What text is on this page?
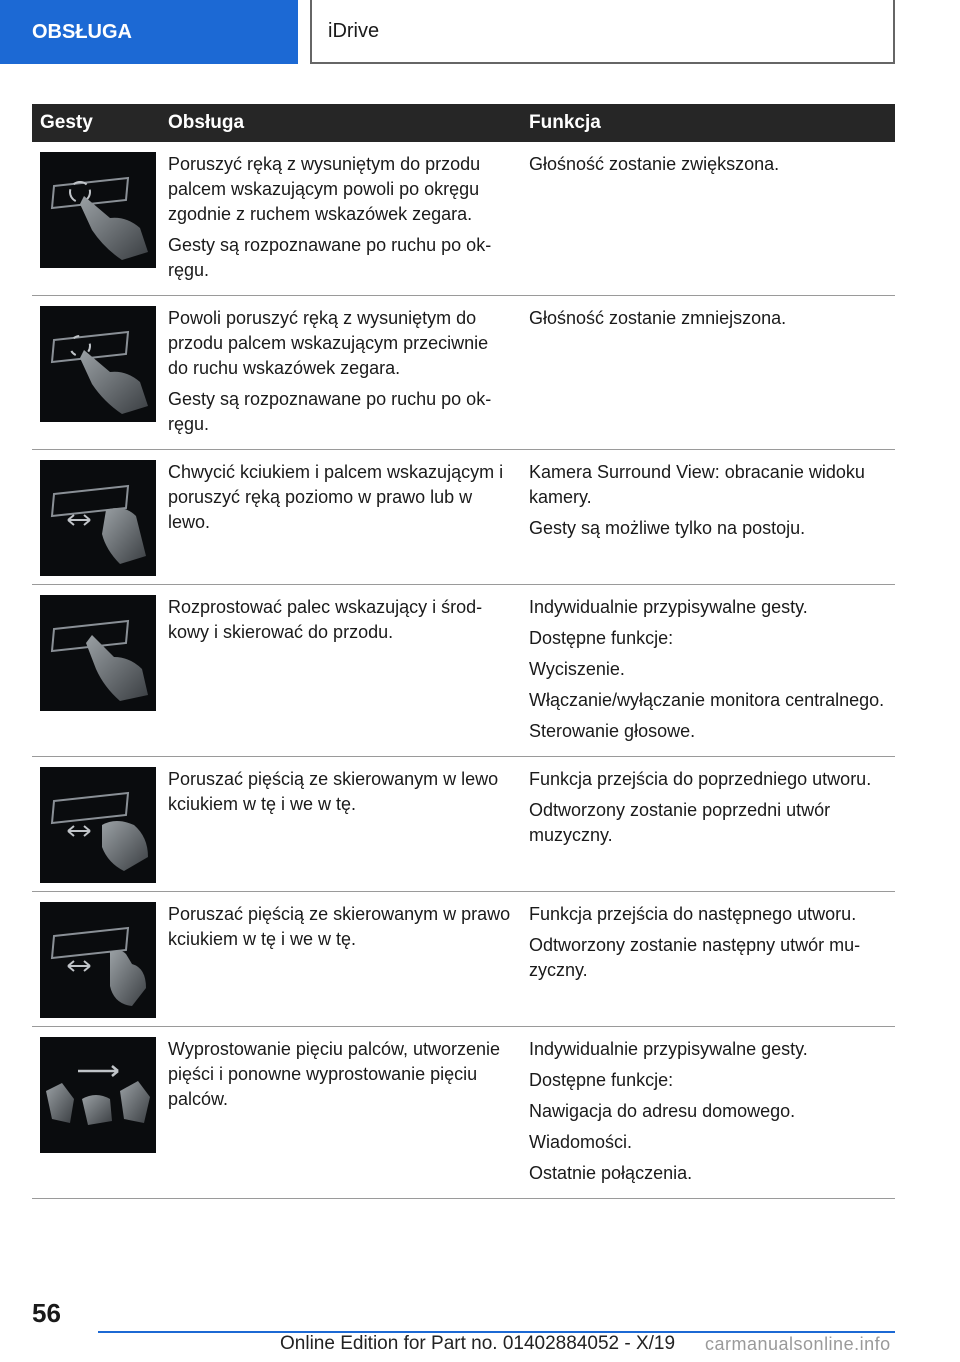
OBSŁUGA	iDrive
Gesty	Obsługa	Funkcja

Poruszyć ręką z wysuniętym do przodu palcem wskazującym powoli po okręgu zgodnie z ruchem wskazówek zegara.

Gesty są rozpoznawane po ruchu po okręgu.	Głośność zostanie zwiększona.

Powoli poruszyć ręką z wysuniętym do przodu palcem wskazującym przeciwnie do ruchu wskazówek zegara.

Gesty są rozpoznawane po ruchu po okręgu.	Głośność zostanie zmniejszona.

Chwycić kciukiem i palcem wskazującym i poruszyć ręką poziomo w prawo lub w lewo.	Kamera Surround View: obracanie widoku kamery.

Gesty są możliwe tylko na postoju.

Rozprostować palec wskazujący i środkowy i skierować do przodu.	Indywidualnie przypisywalne gesty.

Dostępne funkcje:

Wyciszenie.

Włączanie/wyłączanie monitora centralnego.

Sterowanie głosowe.

Poruszać pięścią ze skierowanym w lewo kciukiem w tę i we w tę.	Funkcja przejścia do poprzedniego utworu.

Odtworzony zostanie poprzedni utwór muzyczny.

Poruszać pięścią ze skierowanym w prawo kciukiem w tę i we w tę.	Funkcja przejścia do następnego utworu.

Odtworzony zostanie następny utwór muzyczny.

Wyprostowanie pięciu palców, utworzenie pięści i ponowne wyprostowanie pięciu palców.	Indywidualnie przypisywalne gesty.

Dostępne funkcje:

Nawigacja do adresu domowego.

Wiadomości.

Ostatnie połączenia.

56
Online Edition for Part no. 01402884052 - X/19 carmanualsonline.info
